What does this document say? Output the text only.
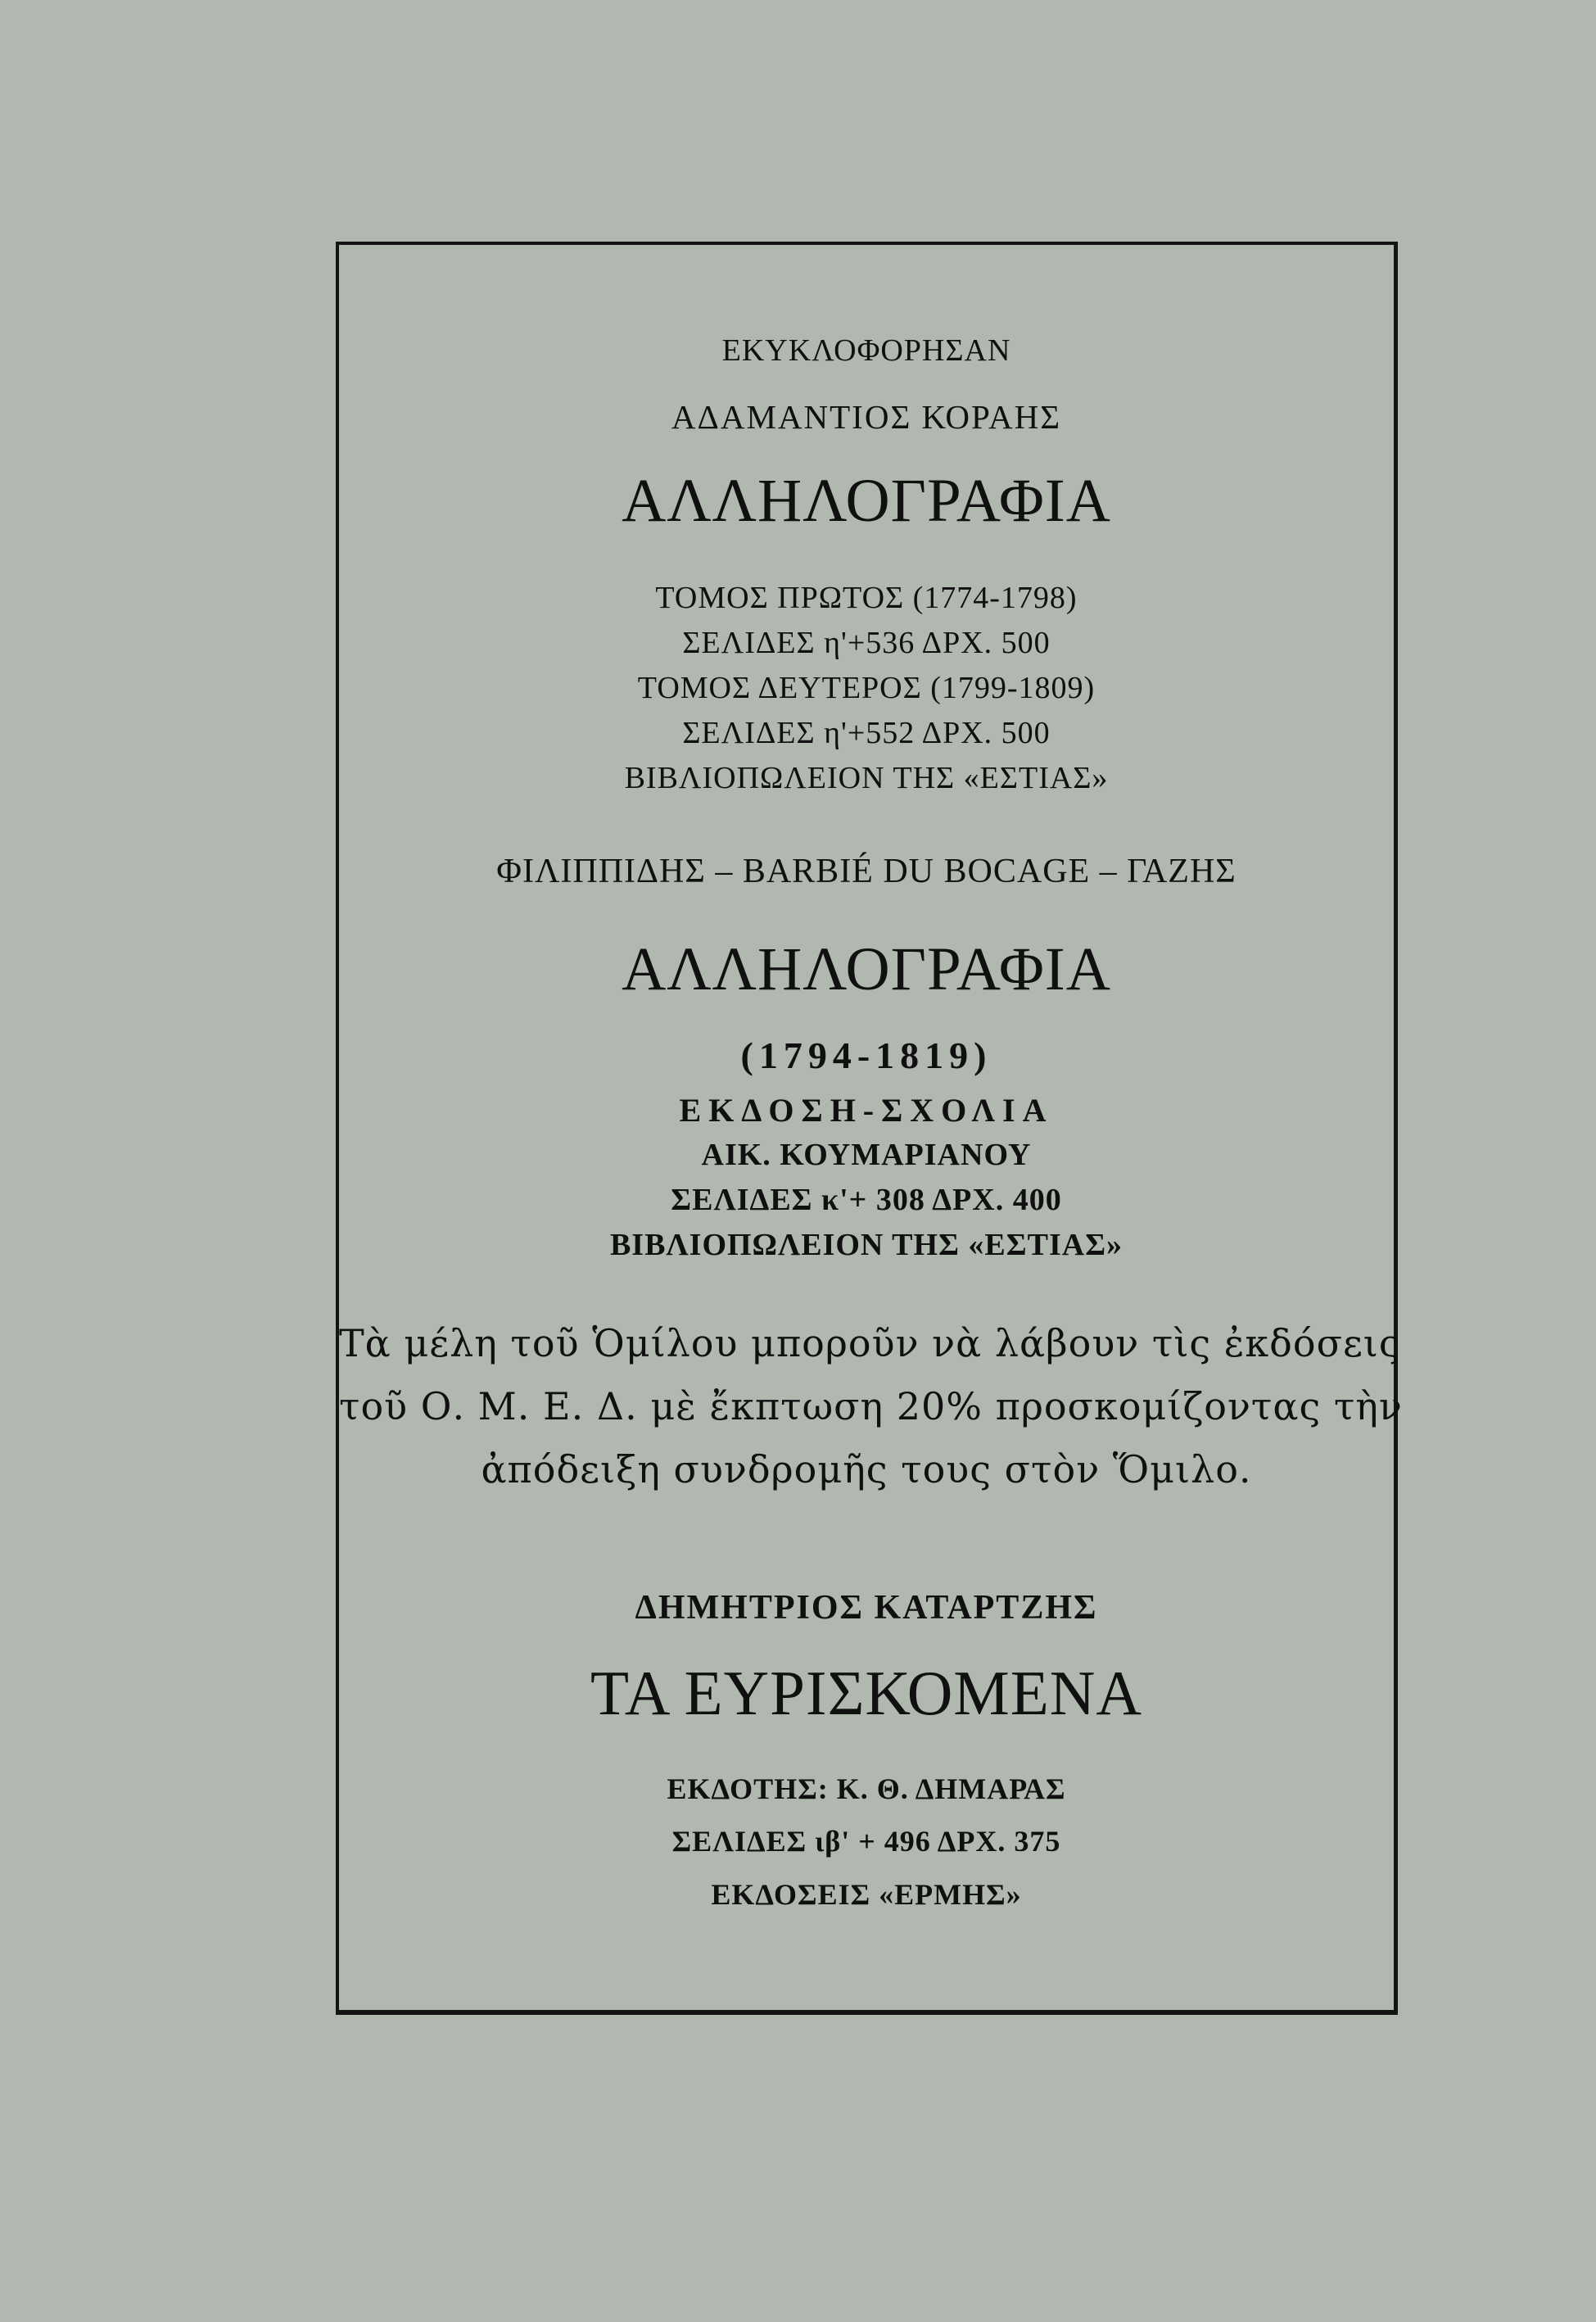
ΕΚΥΚΛΟΦΟΡΗΣΑΝ
ΑΔΑΜΑΝΤΙΟΣ ΚΟΡΑΗΣ
ΑΛΛΗΛΟΓΡΑΦΙΑ
ΤΟΜΟΣ ΠΡΩΤΟΣ (1774-1798)
ΣΕΛΙΔΕΣ η'+536 ΔΡΧ. 500
ΤΟΜΟΣ ΔΕΥΤΕΡΟΣ (1799-1809)
ΣΕΛΙΔΕΣ η'+552 ΔΡΧ. 500
ΒΙΒΛΙΟΠΩΛΕΙΟΝ ΤΗΣ «ΕΣΤΙΑΣ»
ΦΙΛΙΠΠΙΔΗΣ – BARBIÉ DU BOCAGE – ΓΑΖΗΣ
ΑΛΛΗΛΟΓΡΑΦΙΑ
(1794-1819)
ΕΚΔΟΣΗ-ΣΧΟΛΙΑ
ΑΙΚ. ΚΟΥΜΑΡΙΑΝΟΥ
ΣΕΛΙΔΕΣ κ'+ 308 ΔΡΧ. 400
ΒΙΒΛΙΟΠΩΛΕΙΟΝ ΤΗΣ «ΕΣΤΙΑΣ»
Τὰ μέλη τοῦ Ὁμίλου μποροῦν νὰ λάβουν τὶς ἐκδόσεις
τοῦ Ο. Μ. Ε. Δ. μὲ ἔκπτωση 20% προσκομίζοντας τὴν
ἀπόδειξη συνδρομῆς τους στὸν Ὅμιλο.
ΔΗΜΗΤΡΙΟΣ ΚΑΤΑΡΤΖΗΣ
ΤΑ ΕΥΡΙΣΚΟΜΕΝΑ
ΕΚΔΟΤΗΣ: Κ. Θ. ΔΗΜΑΡΑΣ
ΣΕΛΙΔΕΣ ιβ' + 496 ΔΡΧ. 375
ΕΚΔΟΣΕΙΣ «ΕΡΜΗΣ»
